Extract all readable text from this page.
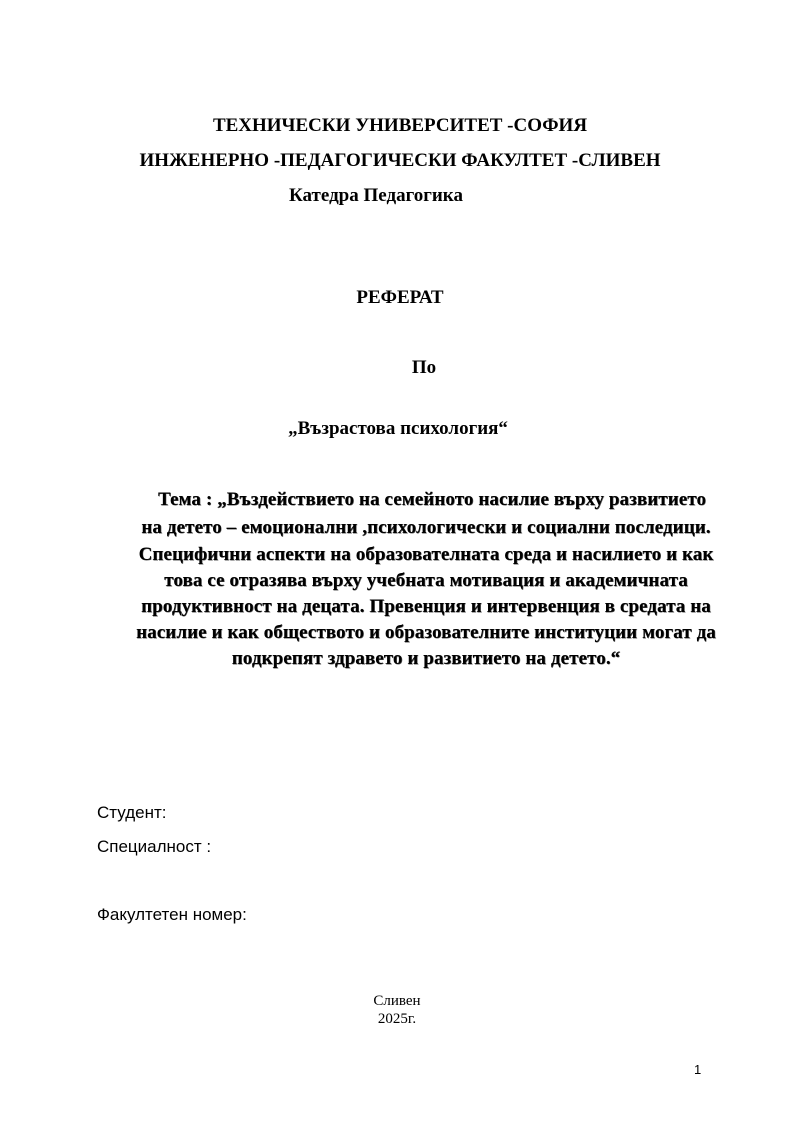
ТЕХНИЧЕСКИ УНИВЕРСИТЕТ -СОФИЯ

ИНЖЕНЕРНО -ПЕДАГОГИЧЕСКИ ФАКУЛТЕТ -СЛИВЕН

Катедра Педагогика

РЕФЕРАТ

По

„Възрастова психология“

Тема : „Въздействието на семейното насилие върху развитието

на детето – емоционални ,психологически и социални последици.

Специфични аспекти на образователната среда и насилието и как

това се отразява върху учебната мотивация и академичната

продуктивност на децата. Превенция и интервенция в средата на

насилие и как обществото и образователните институции могат да

подкрепят здравето и развитието на детето.“

Студент:

Специалност :

Факултетен номер:

Сливен

2025г.

1
